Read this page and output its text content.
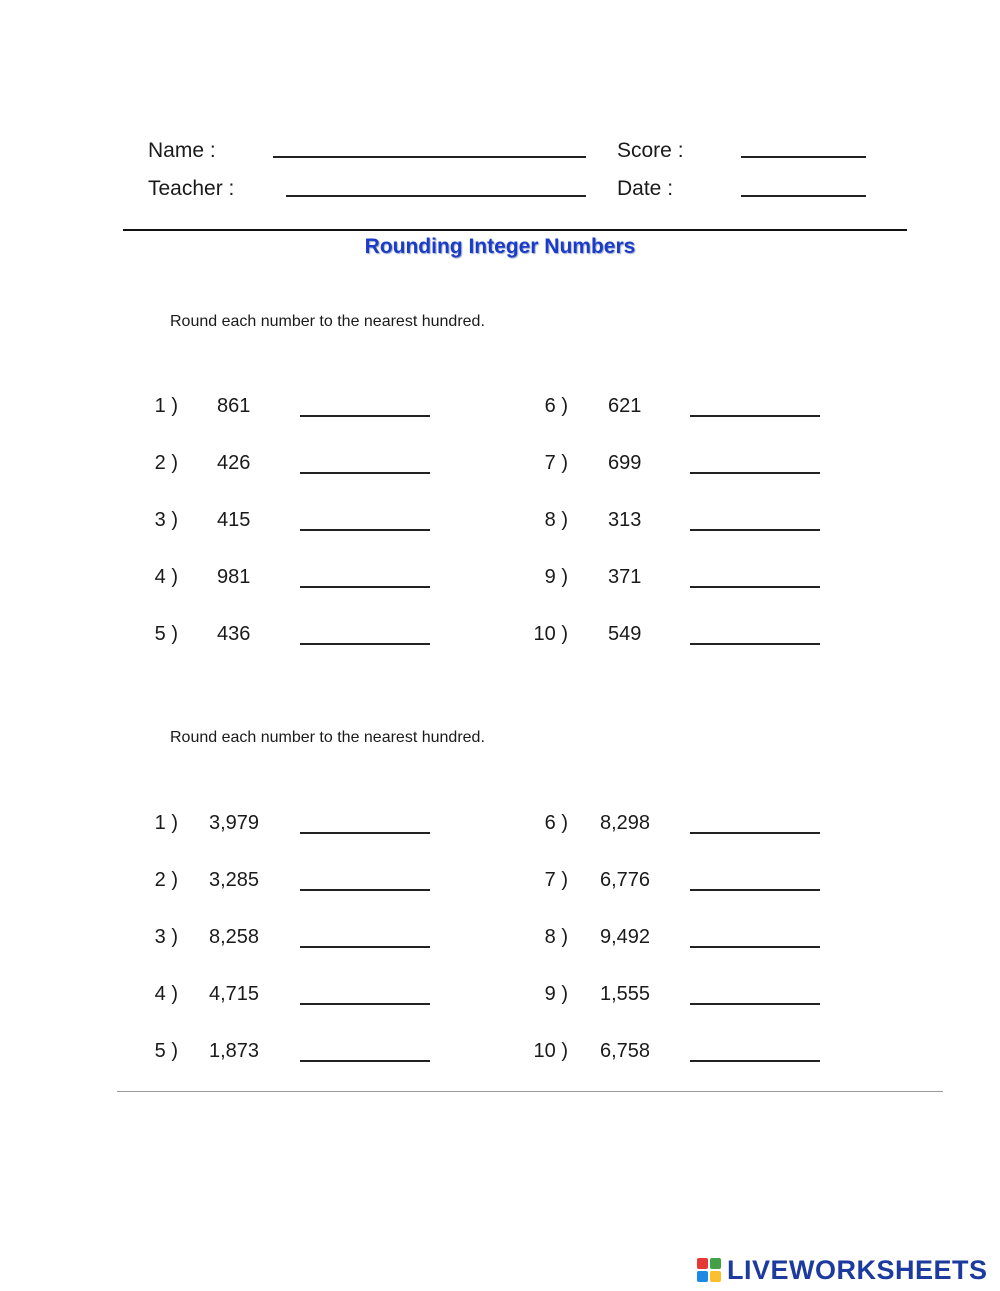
Name :
Teacher :
Score :
Date :
Rounding Integer Numbers
Round each number to the nearest hundred.
1 ) 861
2 ) 426
3 ) 415
4 ) 981
5 ) 436
6 ) 621
7 ) 699
8 ) 313
9 ) 371
10 ) 549
Round each number to the nearest hundred.
1 ) 3,979
2 ) 3,285
3 ) 8,258
4 ) 4,715
5 ) 1,873
6 ) 8,298
7 ) 6,776
8 ) 9,492
9 ) 1,555
10 ) 6,758
LIVEWORKSHEETS
